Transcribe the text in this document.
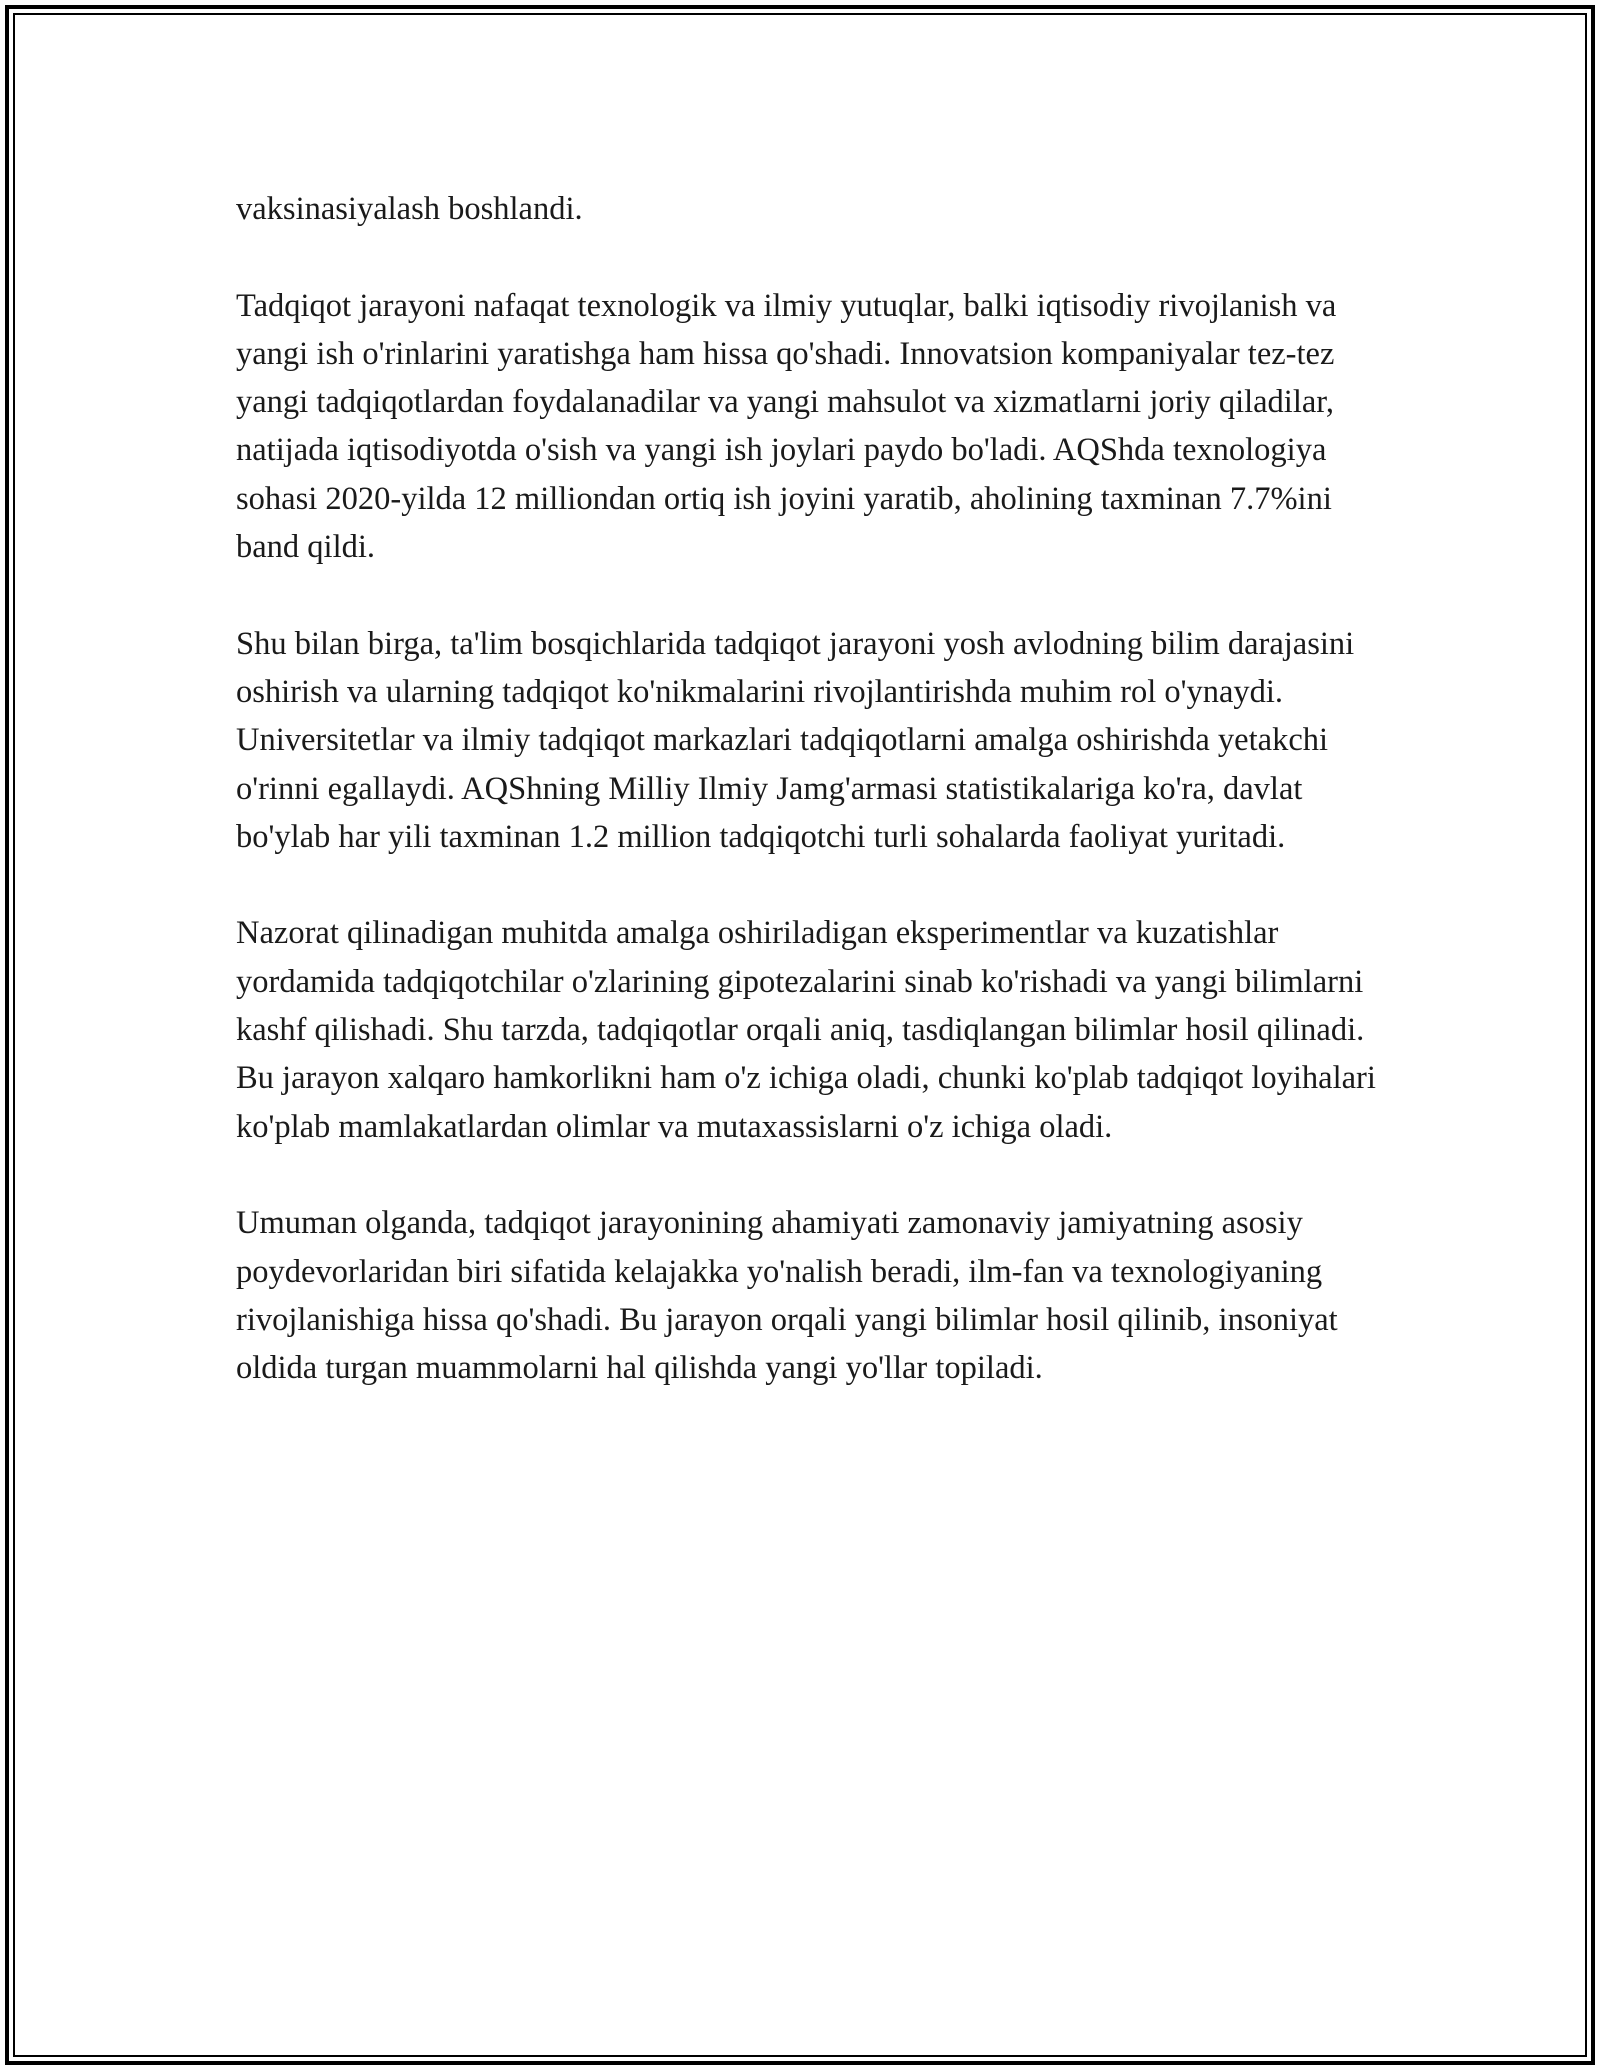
vaksinasiyalash boshlandi.

Tadqiqot jarayoni nafaqat texnologik va ilmiy yutuqlar, balki iqtisodiy rivojlanish va yangi ish o'rinlarini yaratishga ham hissa qo'shadi. Innovatsion kompaniyalar tez-tez yangi tadqiqotlardan foydalanadilar va yangi mahsulot va xizmatlarni joriy qiladilar, natijada iqtisodiyotda o'sish va yangi ish joylari paydo bo'ladi. AQShda texnologiya sohasi 2020-yilda 12 milliondan ortiq ish joyini yaratib, aholining taxminan 7.7%ini band qildi.

Shu bilan birga, ta'lim bosqichlarida tadqiqot jarayoni yosh avlodning bilim darajasini oshirish va ularning tadqiqot ko'nikmalarini rivojlantirishda muhim rol o'ynaydi. Universitetlar va ilmiy tadqiqot markazlari tadqiqotlarni amalga oshirishda yetakchi o'rinni egallaydi. AQShning Milliy Ilmiy Jamg'armasi statistikalariga ko'ra, davlat bo'ylab har yili taxminan 1.2 million tadqiqotchi turli sohalarda faoliyat yuritadi.

Nazorat qilinadigan muhitda amalga oshiriladigan eksperimentlar va kuzatishlar yordamida tadqiqotchilar o'zlarining gipotezalarini sinab ko'rishadi va yangi bilimlarni kashf qilishadi. Shu tarzda, tadqiqotlar orqali aniq, tasdiqlangan bilimlar hosil qilinadi. Bu jarayon xalqaro hamkorlikni ham o'z ichiga oladi, chunki ko'plab tadqiqot loyihalari ko'plab mamlakatlardan olimlar va mutaxassislarni o'z ichiga oladi.

Umuman olganda, tadqiqot jarayonining ahamiyati zamonaviy jamiyatning asosiy poydevorlaridan biri sifatida kelajakka yo'nalish beradi, ilm-fan va texnologiyaning rivojlanishiga hissa qo'shadi. Bu jarayon orqali yangi bilimlar hosil qilinib, insoniyat oldida turgan muammolarni hal qilishda yangi yo'llar topiladi.
